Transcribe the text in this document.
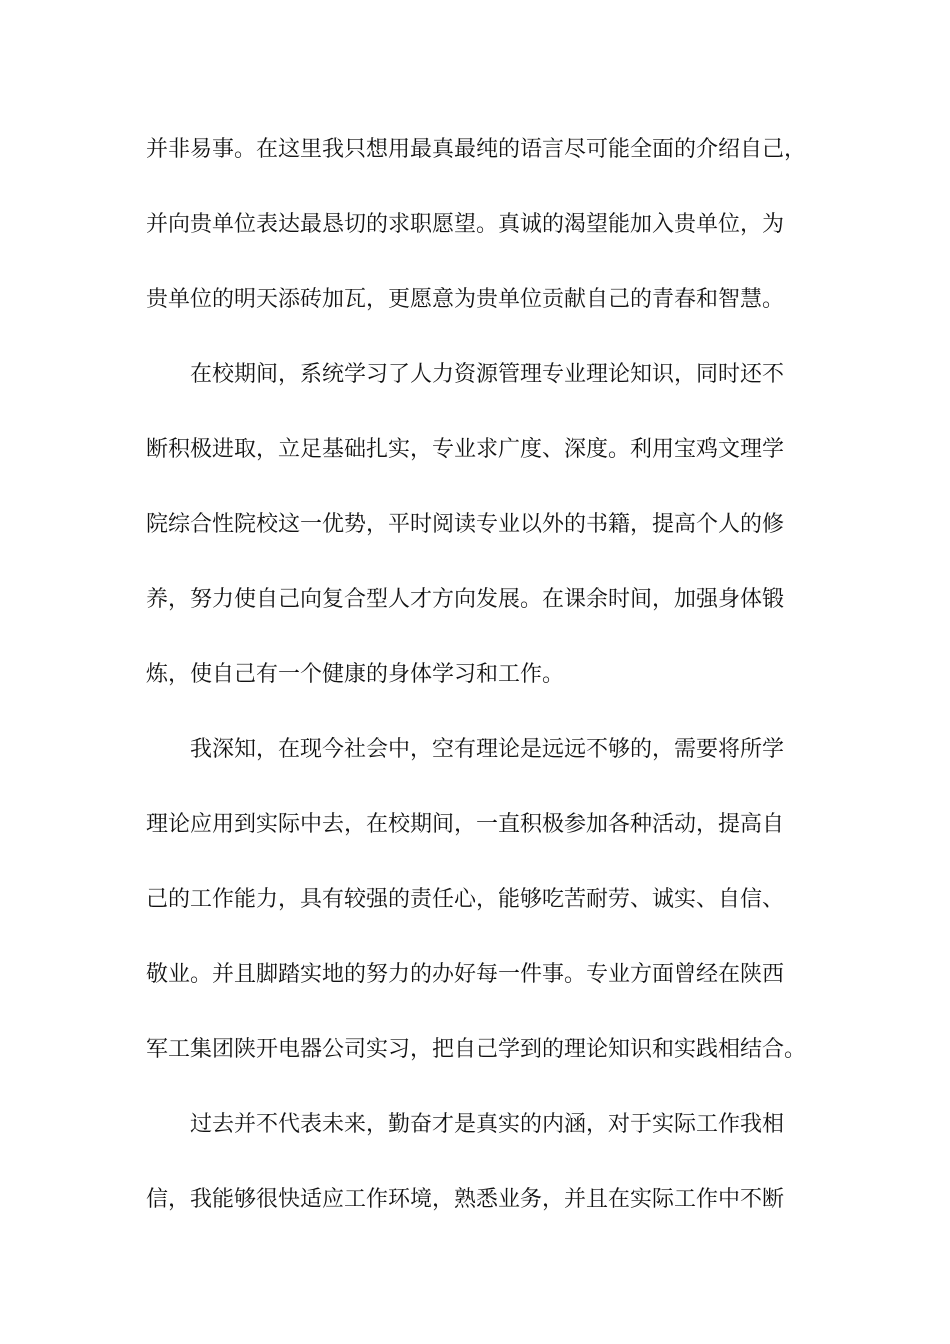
并非易事。在这里我只想用最真最纯的语言尽可能全面的介绍自己，
并向贵单位表达最恳切的求职愿望。真诚的渴望能加入贵单位，为
贵单位的明天添砖加瓦，更愿意为贵单位贡献自己的青春和智慧。
在校期间，系统学习了人力资源管理专业理论知识，同时还不
断积极进取，立足基础扎实，专业求广度、深度。利用宝鸡文理学
院综合性院校这一优势，平时阅读专业以外的书籍，提高个人的修
养，努力使自己向复合型人才方向发展。在课余时间，加强身体锻
炼，使自己有一个健康的身体学习和工作。
我深知，在现今社会中，空有理论是远远不够的，需要将所学
理论应用到实际中去，在校期间，一直积极参加各种活动，提高自
己的工作能力，具有较强的责任心，能够吃苦耐劳、诚实、自信、
敬业。并且脚踏实地的努力的办好每一件事。专业方面曾经在陕西
军工集团陕开电器公司实习，把自己学到的理论知识和实践相结合。
过去并不代表未来，勤奋才是真实的内涵，对于实际工作我相
信，我能够很快适应工作环境，熟悉业务，并且在实际工作中不断
